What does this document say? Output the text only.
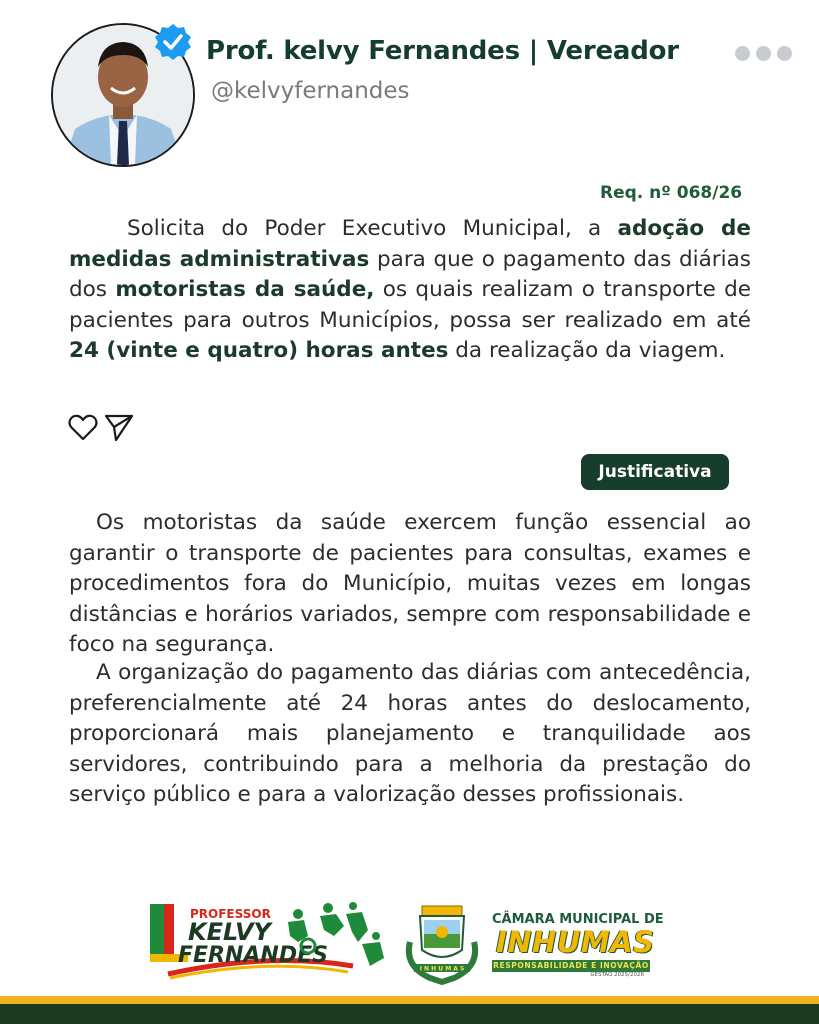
Prof. kelvy Fernandes | Vereador
@kelvyfernandes
Req. nº 068/26

Solicita do Poder Executivo Municipal, a adoção de medidas administrativas para que o pagamento das diárias dos motoristas da saúde, os quais realizam o transporte de pacientes para outros Municípios, possa ser realizado em até 24 (vinte e quatro) horas antes da realização da viagem.

Justificativa

Os motoristas da saúde exercem função essencial ao garantir o transporte de pacientes para consultas, exames e procedimentos fora do Município, muitas vezes em longas distâncias e horários variados, sempre com responsabilidade e foco na segurança.

A organização do pagamento das diárias com antecedência, preferencialmente até 24 horas antes do deslocamento, proporcionará mais planejamento e tranquilidade aos servidores, contribuindo para a melhoria da prestação do serviço público e para a valorização desses profissionais.

PROFESSOR
KELVY
FERNANDES
I N H U M A S
CÂMARA MUNICIPAL DE
INHUMAS
RESPONSABILIDADE E INOVAÇÃO
GESTÃO 2025/2026
